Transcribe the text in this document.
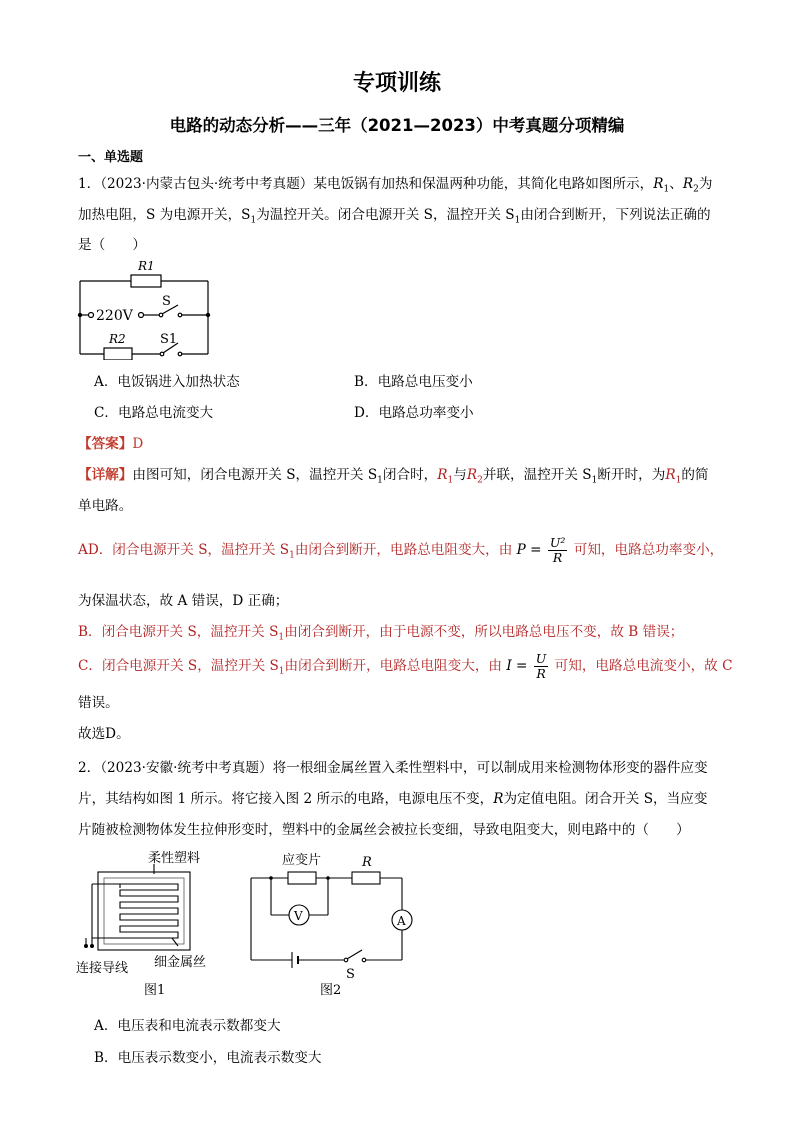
专项训练
电路的动态分析——三年（2021—2023）中考真题分项精编
一、单选题
1．（2023·内蒙古包头·统考中考真题）某电饭锅有加热和保温两种功能，其简化电路如图所示，$R_1$、$R_2$为
加热电阻，S 为电源开关，$S_1$为温控开关。闭合电源开关 S，温控开关 $S_1$由闭合到断开，下列说法正确的
是（　　）
R1
220V
S
R2	S1
A．电饭锅进入加热状态	B．电路总电压变小
C．电路总电流变大	D．电路总功率变小
【答案】D
【详解】由图可知，闭合电源开关 S，温控开关 $S_1$闭合时，$R_1$与$R_2$并联，温控开关 $S_1$断开时，为$R_1$的简
单电路。
AD．闭合电源开关 S，温控开关 $S_1$由闭合到断开，电路总电阻变大，由 $P = \frac{\text{U²}}{R}$ 可知，电路总功率变小，
为保温状态，故 A 错误，D 正确；
B．闭合电源开关 S，温控开关 $S_1$由闭合到断开，由于电源不变，所以电路总电压不变，故 B 错误；
C．闭合电源开关 S，温控开关 $S_1$由闭合到断开，电路总电阻变大，由 $I = \frac{U}{R}$ 可知，电路总电流变小，故 C
错误。
故选D。
2．（2023·安徽·统考中考真题）将一根细金属丝置入柔性塑料中，可以制成用来检测物体形变的器件应变
片，其结构如图 1 所示。将它接入图 2 所示的电路，电源电压不变，R为定值电阻。闭合开关 S，当应变
片随被检测物体发生拉伸形变时，塑料中的金属丝会被拉长变细，导致电阻变大，则电路中的（　　）
柔性塑料
细金属丝
连接导线
图1
应变片	R
V	A
S
图2
A．电压表和电流表示数都变大
B．电压表示数变小，电流表示数变大
